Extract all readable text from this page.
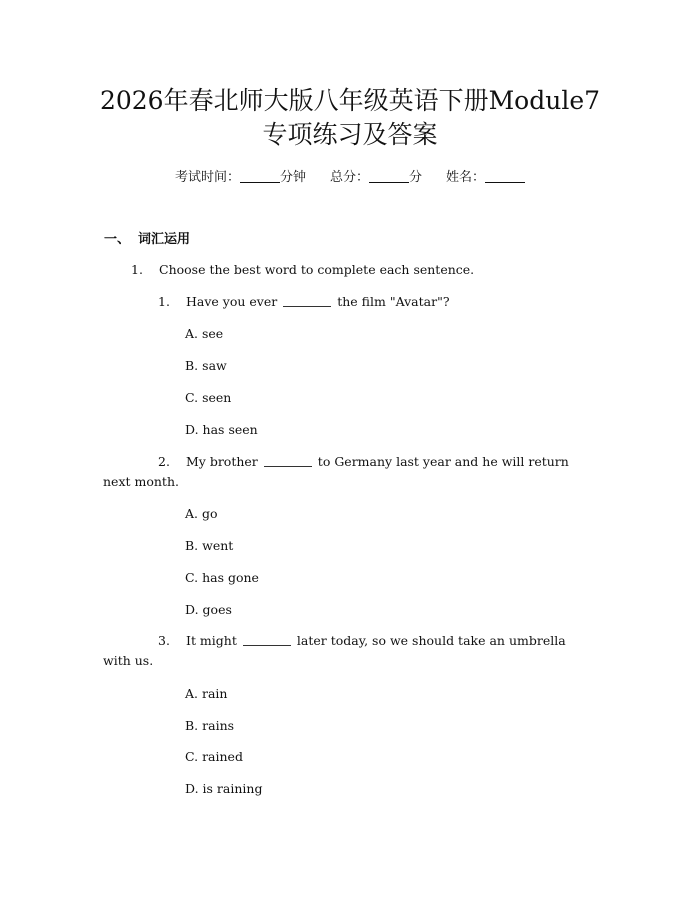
2026年春北师大版八年级英语下册Module7
专项练习及答案
考试时间：	分钟 总分：	分 姓名：
一、 词汇运用
1. Choose the best word to complete each sentence.
1. Have you ever	the film "Avatar"?
A. see
B. saw
C. seen
D. has seen
2. My brother	to Germany last year and he will return
next month.
A. go
B. went
C. has gone
D. goes
3. It might	later today, so we should take an umbrella
with us.
A. rain
B. rains
C. rained
D. is raining
